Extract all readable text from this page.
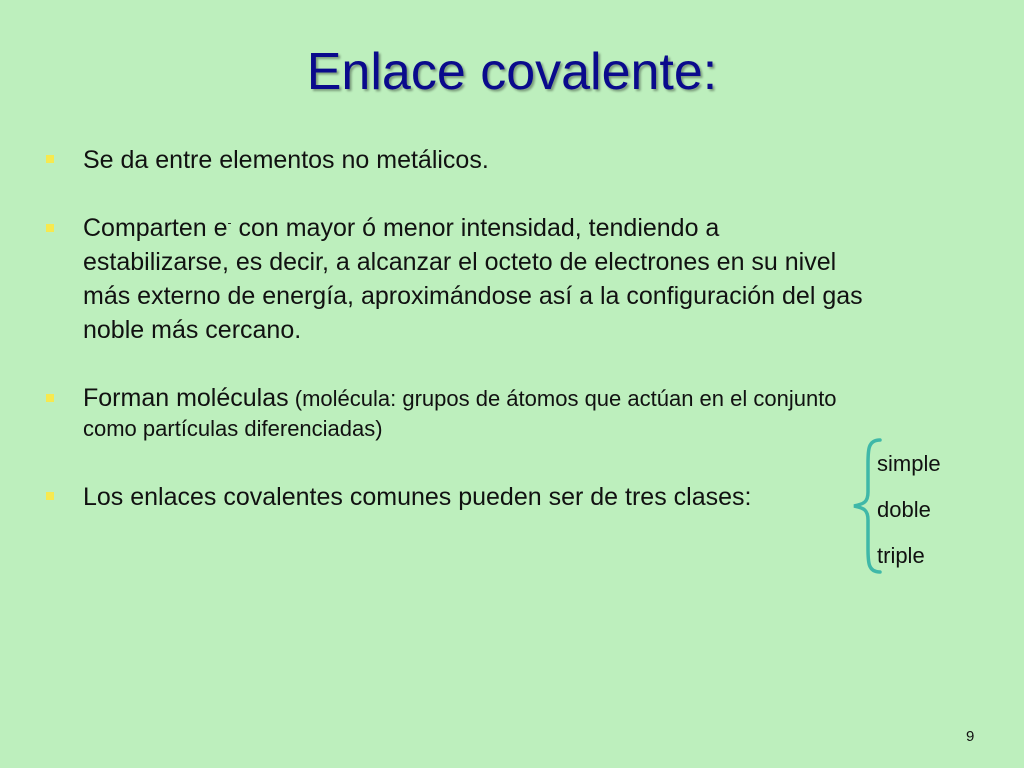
Enlace covalente:
Se da entre elementos no metálicos.
Comparten e- con mayor ó menor intensidad, tendiendo a
estabilizarse, es decir, a alcanzar el octeto de electrones en su nivel
más externo de energía, aproximándose así a la configuración del gas
noble más cercano.
Forman moléculas (molécula: grupos de átomos que actúan en el conjunto
como partículas diferenciadas)
Los enlaces covalentes comunes pueden ser de tres clases:
simple
doble
triple
9
